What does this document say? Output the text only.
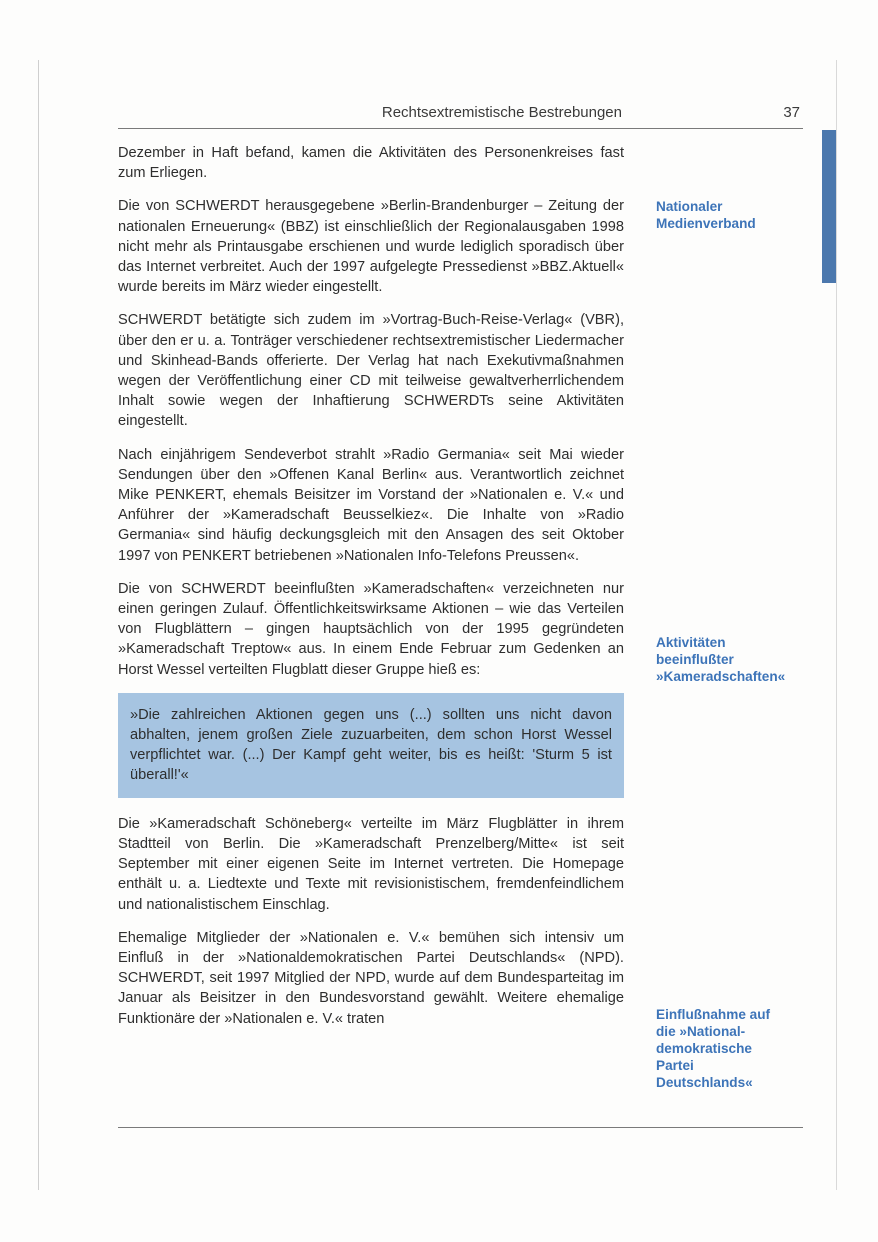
Rechtsextremistische Bestrebungen	37

Dezember in Haft befand, kamen die Aktivitäten des Personenkreises fast zum Erliegen.

Die von SCHWERDT herausgegebene »Berlin-Brandenburger – Zeitung der nationalen Erneuerung« (BBZ) ist einschließlich der Regionalausgaben 1998 nicht mehr als Printausgabe erschienen und wurde lediglich sporadisch über das Internet verbreitet. Auch der 1997 aufgelegte Pressedienst »BBZ.Aktuell« wurde bereits im März wieder eingestellt.

SCHWERDT betätigte sich zudem im »Vortrag-Buch-Reise-Verlag« (VBR), über den er u. a. Tonträger verschiedener rechtsextremistischer Liedermacher und Skinhead-Bands offerierte. Der Verlag hat nach Exekutivmaßnahmen wegen der Veröffentlichung einer CD mit teilweise gewaltverherrlichendem Inhalt sowie wegen der Inhaftierung SCHWERDTs seine Aktivitäten eingestellt.

Nach einjährigem Sendeverbot strahlt »Radio Germania« seit Mai wieder Sendungen über den »Offenen Kanal Berlin« aus. Verantwortlich zeichnet Mike PENKERT, ehemals Beisitzer im Vorstand der »Nationalen e. V.« und Anführer der »Kameradschaft Beusselkiez«. Die Inhalte von »Radio Germania« sind häufig deckungsgleich mit den Ansagen des seit Oktober 1997 von PENKERT betriebenen »Nationalen Info-Telefons Preussen«.

Die von SCHWERDT beeinflußten »Kameradschaften« verzeichneten nur einen geringen Zulauf. Öffentlichkeitswirksame Aktionen – wie das Verteilen von Flugblättern – gingen hauptsächlich von der 1995 gegründeten »Kameradschaft Treptow« aus. In einem Ende Februar zum Gedenken an Horst Wessel verteilten Flugblatt dieser Gruppe hieß es:

»Die zahlreichen Aktionen gegen uns (...) sollten uns nicht davon abhalten, jenem großen Ziele zuzuarbeiten, dem schon Horst Wessel verpflichtet war. (...) Der Kampf geht weiter, bis es heißt: 'Sturm 5 ist überall!'«

Die »Kameradschaft Schöneberg« verteilte im März Flugblätter in ihrem Stadtteil von Berlin. Die »Kameradschaft Prenzelberg/Mitte« ist seit September mit einer eigenen Seite im Internet vertreten. Die Homepage enthält u. a. Liedtexte und Texte mit revisionistischem, fremdenfeindlichem und nationalistischem Einschlag.

Ehemalige Mitglieder der »Nationalen e. V.« bemühen sich intensiv um Einfluß in der »Nationaldemokratischen Partei Deutschlands« (NPD). SCHWERDT, seit 1997 Mitglied der NPD, wurde auf dem Bundesparteitag im Januar als Beisitzer in den Bundesvorstand gewählt. Weitere ehemalige Funktionäre der »Nationalen e. V.« traten

Nationaler
Medienverband
Aktivitäten
beeinflußter
»Kameradschaften«
Einflußnahme auf
die »National-
demokratische
Partei
Deutschlands«
